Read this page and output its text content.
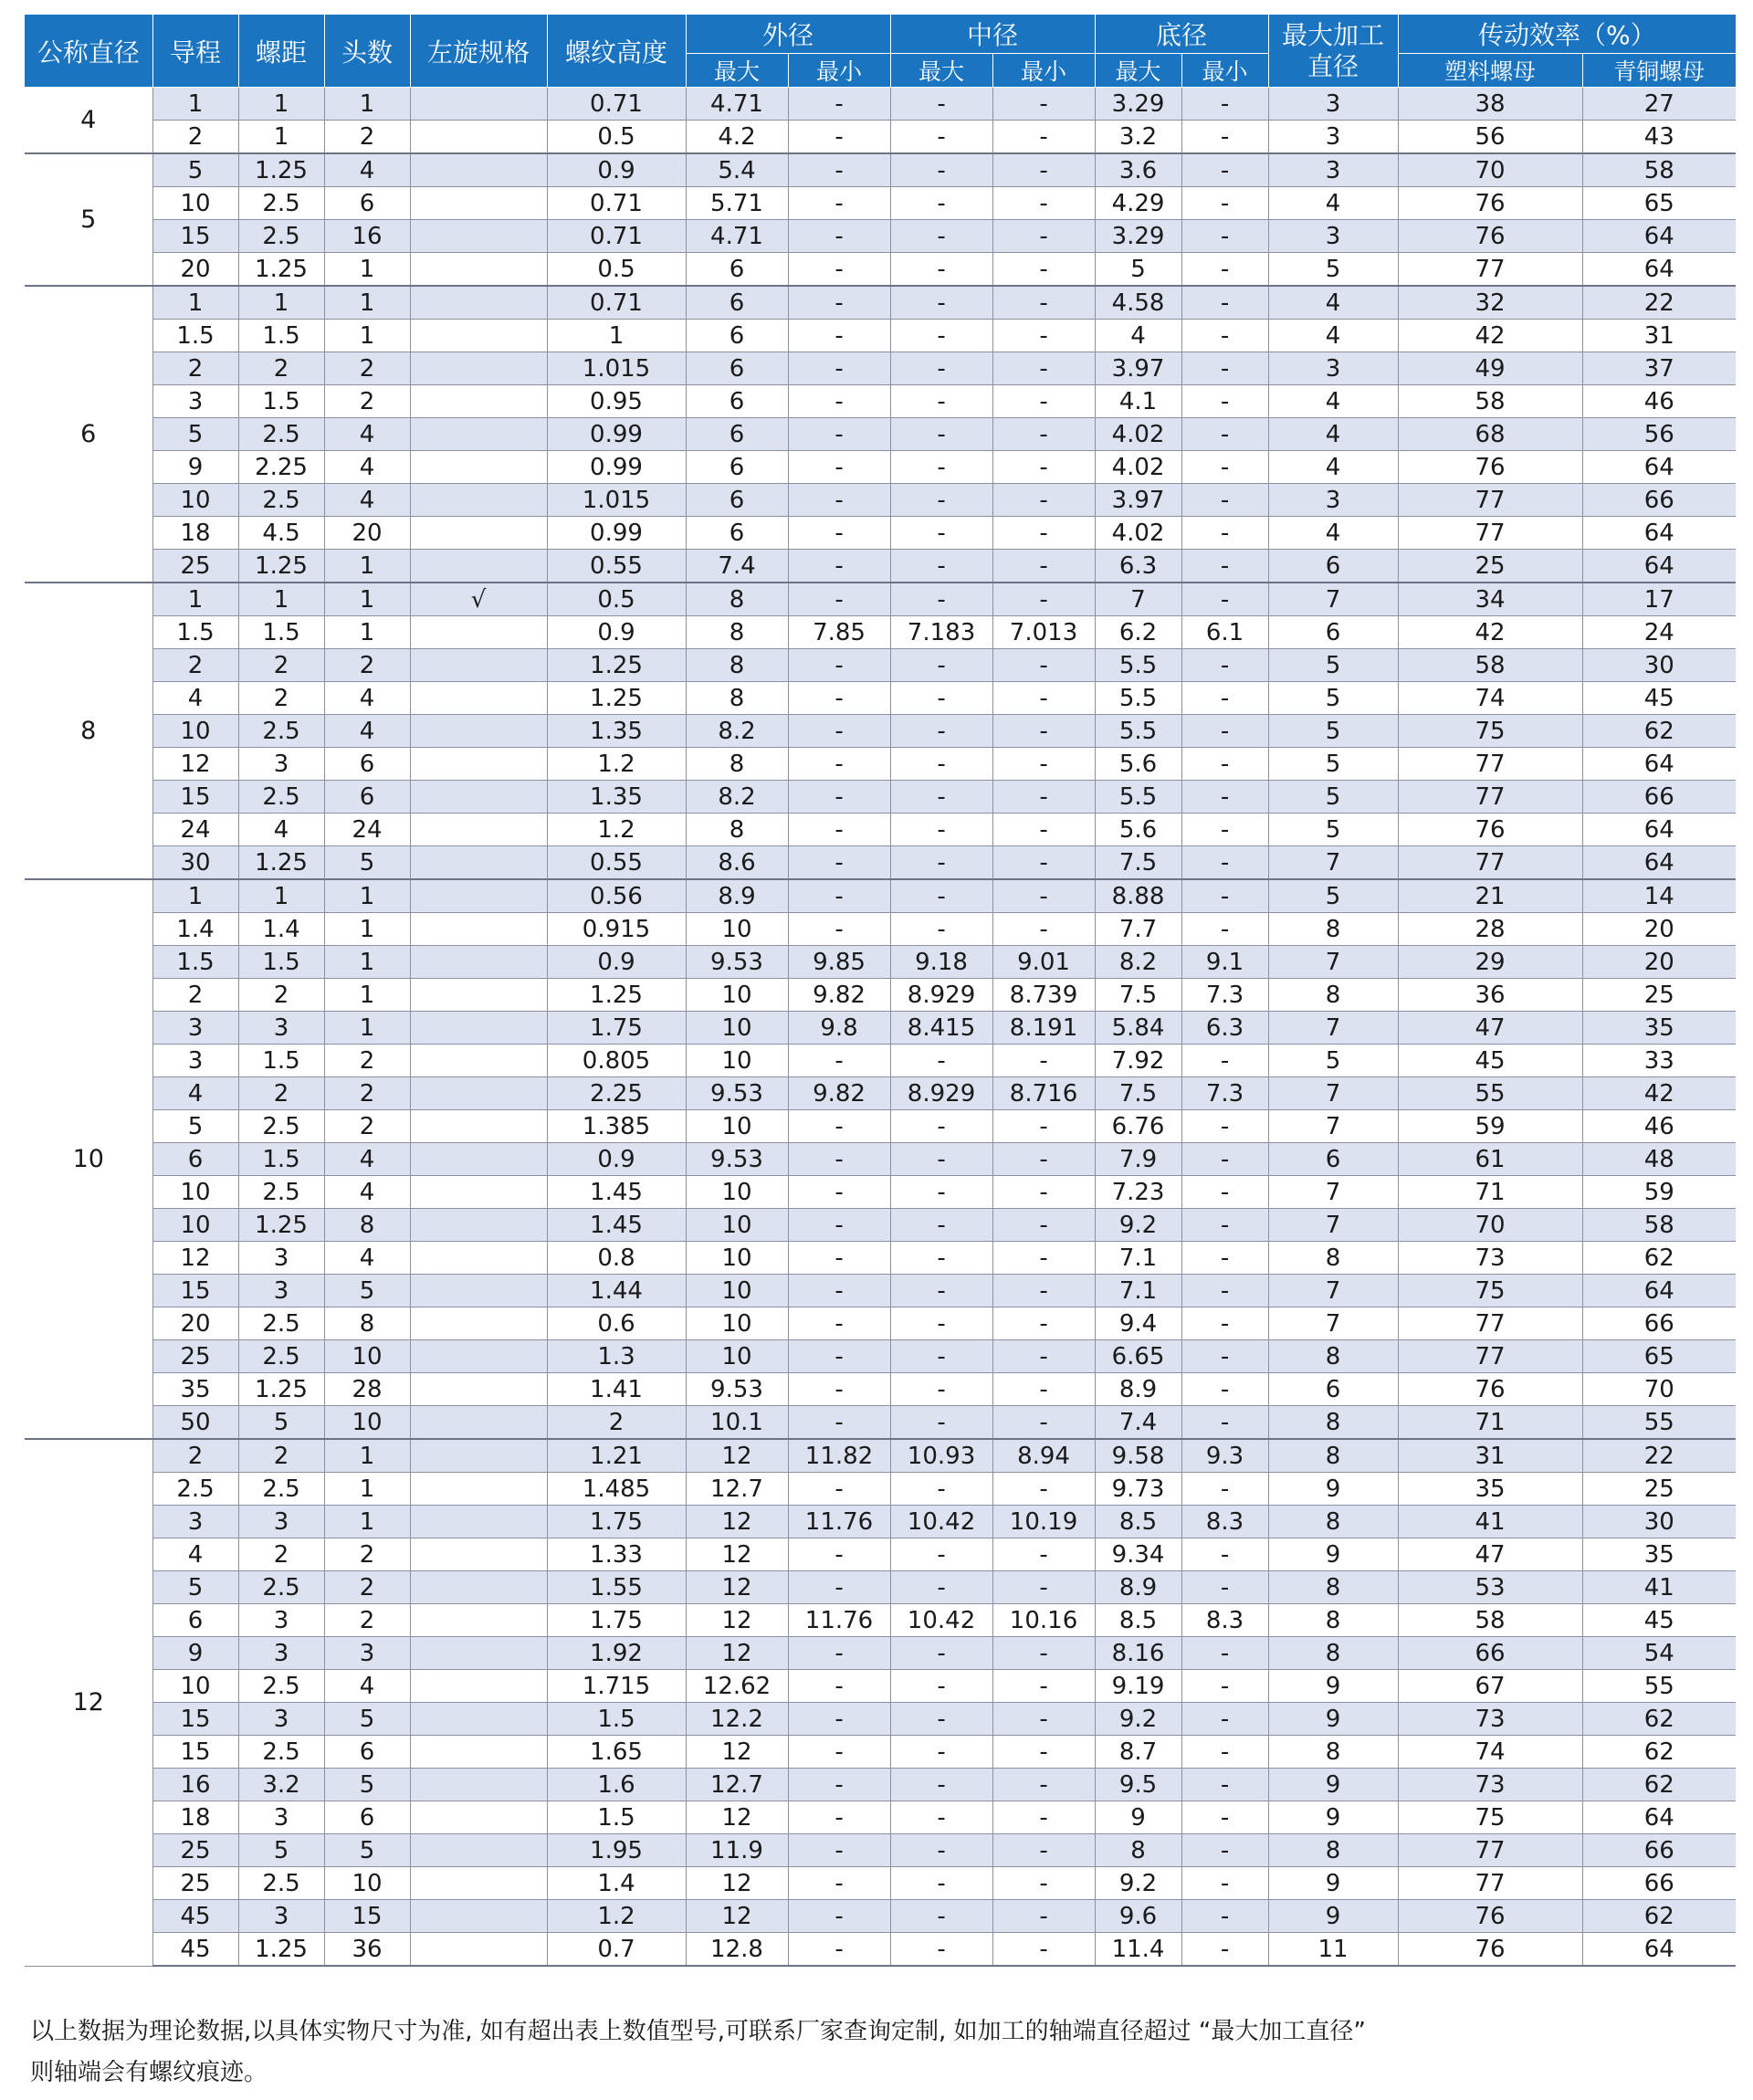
公称直径	导程	螺距	头数	左旋规格	螺纹高度	外径		中径		底径		最大加工直径	传动效率（%）	
						最大	最小	最大	最小	最大	最小		塑料螺母	青铜螺母
4	1	1	1		0.71	4.71	-	-	-	3.29	-	3	38	27
	2	1	2		0.5	4.2	-	-	-	3.2	-	3	56	43
5	5	1.25	4		0.9	5.4	-	-	-	3.6	-	3	70	58
	10	2.5	6		0.71	5.71	-	-	-	4.29	-	4	76	65
	15	2.5	16		0.71	4.71	-	-	-	3.29	-	3	76	64
	20	1.25	1		0.5	6	-	-	-	5	-	5	77	64
6	1	1	1		0.71	6	-	-	-	4.58	-	4	32	22
	1.5	1.5	1		1	6	-	-	-	4	-	4	42	31
	2	2	2		1.015	6	-	-	-	3.97	-	3	49	37
	3	1.5	2		0.95	6	-	-	-	4.1	-	4	58	46
	5	2.5	4		0.99	6	-	-	-	4.02	-	4	68	56
	9	2.25	4		0.99	6	-	-	-	4.02	-	4	76	64
	10	2.5	4		1.015	6	-	-	-	3.97	-	3	77	66
	18	4.5	20		0.99	6	-	-	-	4.02	-	4	77	64
	25	1.25	1		0.55	7.4	-	-	-	6.3	-	6	25	64
8	1	1	1	√	0.5	8	-	-	-	7	-	7	34	17
	1.5	1.5	1		0.9	8	7.85	7.183	7.013	6.2	6.1	6	42	24
	2	2	2		1.25	8	-	-	-	5.5	-	5	58	30
	4	2	4		1.25	8	-	-	-	5.5	-	5	74	45
	10	2.5	4		1.35	8.2	-	-	-	5.5	-	5	75	62
	12	3	6		1.2	8	-	-	-	5.6	-	5	77	64
	15	2.5	6		1.35	8.2	-	-	-	5.5	-	5	77	66
	24	4	24		1.2	8	-	-	-	5.6	-	5	76	64
	30	1.25	5		0.55	8.6	-	-	-	7.5	-	7	77	64
10	1	1	1		0.56	8.9	-	-	-	8.88	-	5	21	14
	1.4	1.4	1		0.915	10	-	-	-	7.7	-	8	28	20
	1.5	1.5	1		0.9	9.53	9.85	9.18	9.01	8.2	9.1	7	29	20
	2	2	1		1.25	10	9.82	8.929	8.739	7.5	7.3	8	36	25
	3	3	1		1.75	10	9.8	8.415	8.191	5.84	6.3	7	47	35
	3	1.5	2		0.805	10	-	-	-	7.92	-	5	45	33
	4	2	2		2.25	9.53	9.82	8.929	8.716	7.5	7.3	7	55	42
	5	2.5	2		1.385	10	-	-	-	6.76	-	7	59	46
	6	1.5	4		0.9	9.53	-	-	-	7.9	-	6	61	48
	10	2.5	4		1.45	10	-	-	-	7.23	-	7	71	59
	10	1.25	8		1.45	10	-	-	-	9.2	-	7	70	58
	12	3	4		0.8	10	-	-	-	7.1	-	8	73	62
	15	3	5		1.44	10	-	-	-	7.1	-	7	75	64
	20	2.5	8		0.6	10	-	-	-	9.4	-	7	77	66
	25	2.5	10		1.3	10	-	-	-	6.65	-	8	77	65
	35	1.25	28		1.41	9.53	-	-	-	8.9	-	6	76	70
	50	5	10		2	10.1	-	-	-	7.4	-	8	71	55
12	2	2	1		1.21	12	11.82	10.93	8.94	9.58	9.3	8	31	22
	2.5	2.5	1		1.485	12.7	-	-	-	9.73	-	9	35	25
	3	3	1		1.75	12	11.76	10.42	10.19	8.5	8.3	8	41	30
	4	2	2		1.33	12	-	-	-	9.34	-	9	47	35
	5	2.5	2		1.55	12	-	-	-	8.9	-	8	53	41
	6	3	2		1.75	12	11.76	10.42	10.16	8.5	8.3	8	58	45
	9	3	3		1.92	12	-	-	-	8.16	-	8	66	54
	10	2.5	4		1.715	12.62	-	-	-	9.19	-	9	67	55
	15	3	5		1.5	12.2	-	-	-	9.2	-	9	73	62
	15	2.5	6		1.65	12	-	-	-	8.7	-	8	74	62
	16	3.2	5		1.6	12.7	-	-	-	9.5	-	9	73	62
	18	3	6		1.5	12	-	-	-	9	-	9	75	64
	25	5	5		1.95	11.9	-	-	-	8	-	8	77	66
	25	2.5	10		1.4	12	-	-	-	9.2	-	9	77	66
	45	3	15		1.2	12	-	-	-	9.6	-	9	76	62
	45	1.25	36		0.7	12.8	-	-	-	11.4	-	11	76	64
以上数据为理论数据,以具体实物尺寸为准, 如有超出表上数值型号,可联系厂家查询定制, 如加工的轴端直径超过 “最大加工直径”
则轴端会有螺纹痕迹。
